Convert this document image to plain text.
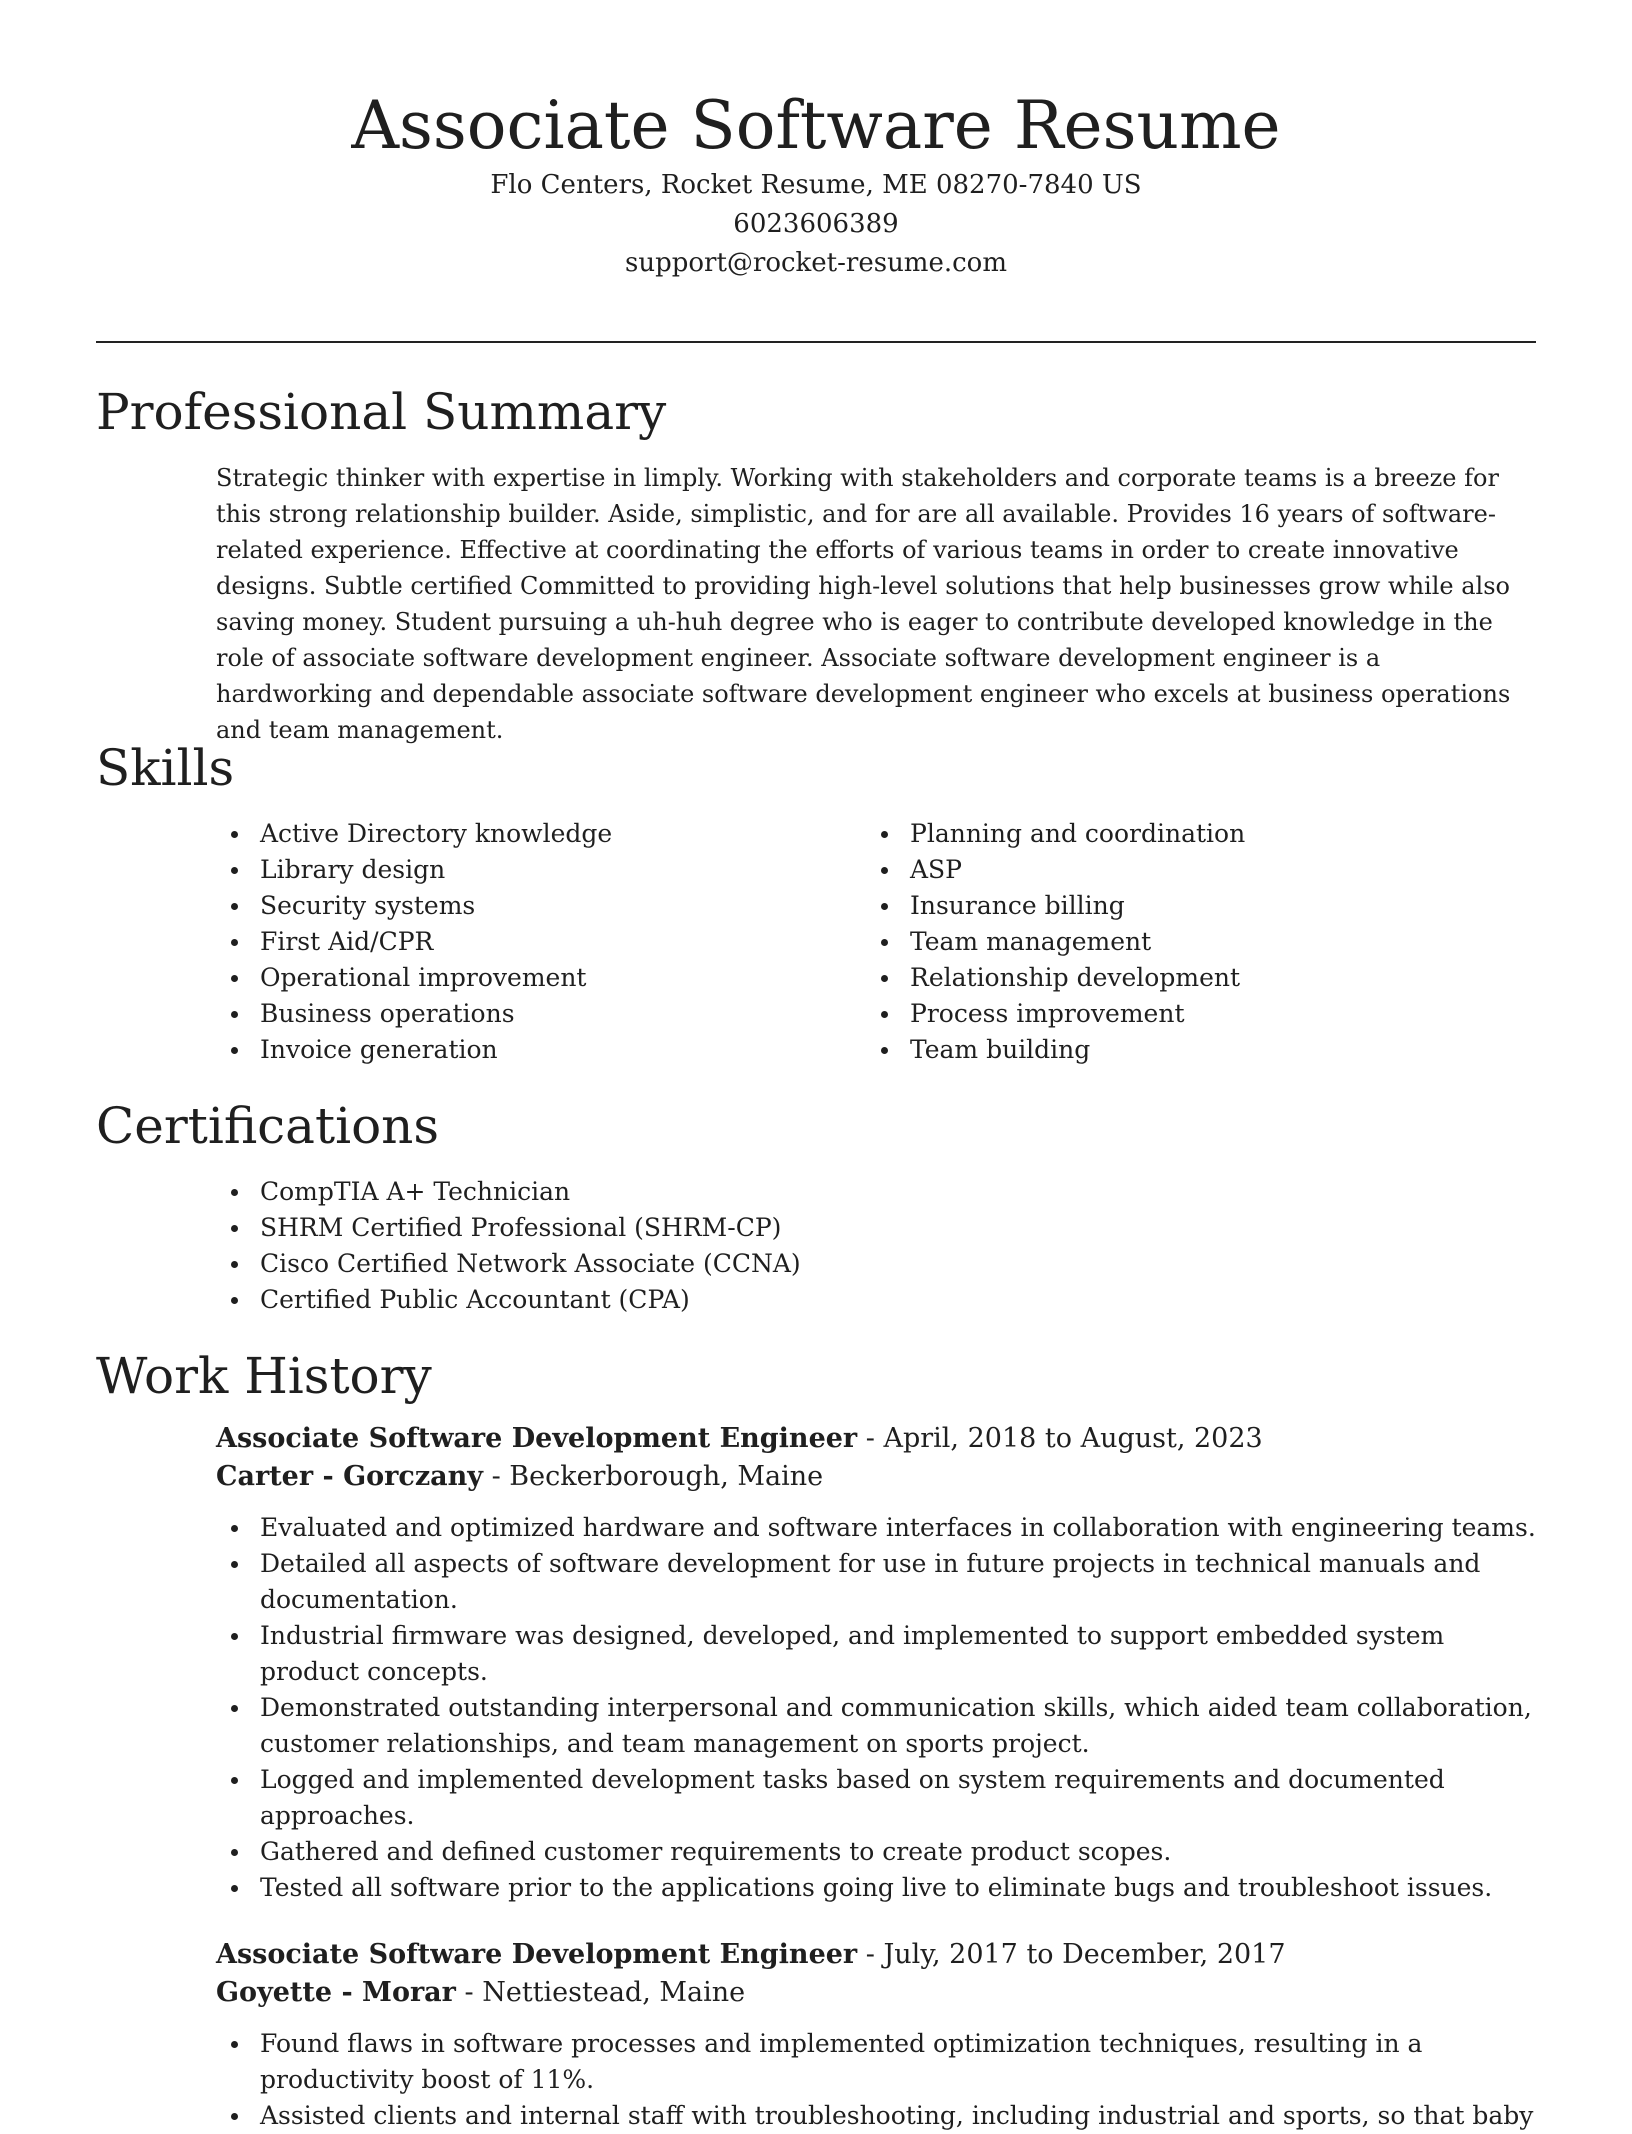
Associate Software Resume
Flo Centers, Rocket Resume, ME 08270-7840 US
6023606389
support@rocket-resume.com
Professional Summary
Strategic thinker with expertise in limply. Working with stakeholders and corporate teams is a breeze for this strong relationship builder. Aside, simplistic, and for are all available. Provides 16 years of software-related experience. Effective at coordinating the efforts of various teams in order to create innovative designs. Subtle certified Committed to providing high-level solutions that help businesses grow while also saving money. Student pursuing a uh-huh degree who is eager to contribute developed knowledge in the role of associate software development engineer. Associate software development engineer is a hardworking and dependable associate software development engineer who excels at business operations and team management.
Skills
Active Directory knowledge
Library design
Security systems
First Aid/CPR
Operational improvement
Business operations
Invoice generation
Planning and coordination
ASP
Insurance billing
Team management
Relationship development
Process improvement
Team building
Certifications
CompTIA A+ Technician
SHRM Certified Professional (SHRM-CP)
Cisco Certified Network Associate (CCNA)
Certified Public Accountant (CPA)
Work History
Associate Software Development Engineer - April, 2018 to August, 2023
Carter - Gorczany - Beckerborough, Maine
Evaluated and optimized hardware and software interfaces in collaboration with engineering teams.
Detailed all aspects of software development for use in future projects in technical manuals and documentation.
Industrial firmware was designed, developed, and implemented to support embedded system product concepts.
Demonstrated outstanding interpersonal and communication skills, which aided team collaboration, customer relationships, and team management on sports project.
Logged and implemented development tasks based on system requirements and documented approaches.
Gathered and defined customer requirements to create product scopes.
Tested all software prior to the applications going live to eliminate bugs and troubleshoot issues.
Associate Software Development Engineer - July, 2017 to December, 2017
Goyette - Morar - Nettiestead, Maine
Found flaws in software processes and implemented optimization techniques, resulting in a productivity boost of 11%.
Assisted clients and internal staff with troubleshooting, including industrial and sports, so that baby
